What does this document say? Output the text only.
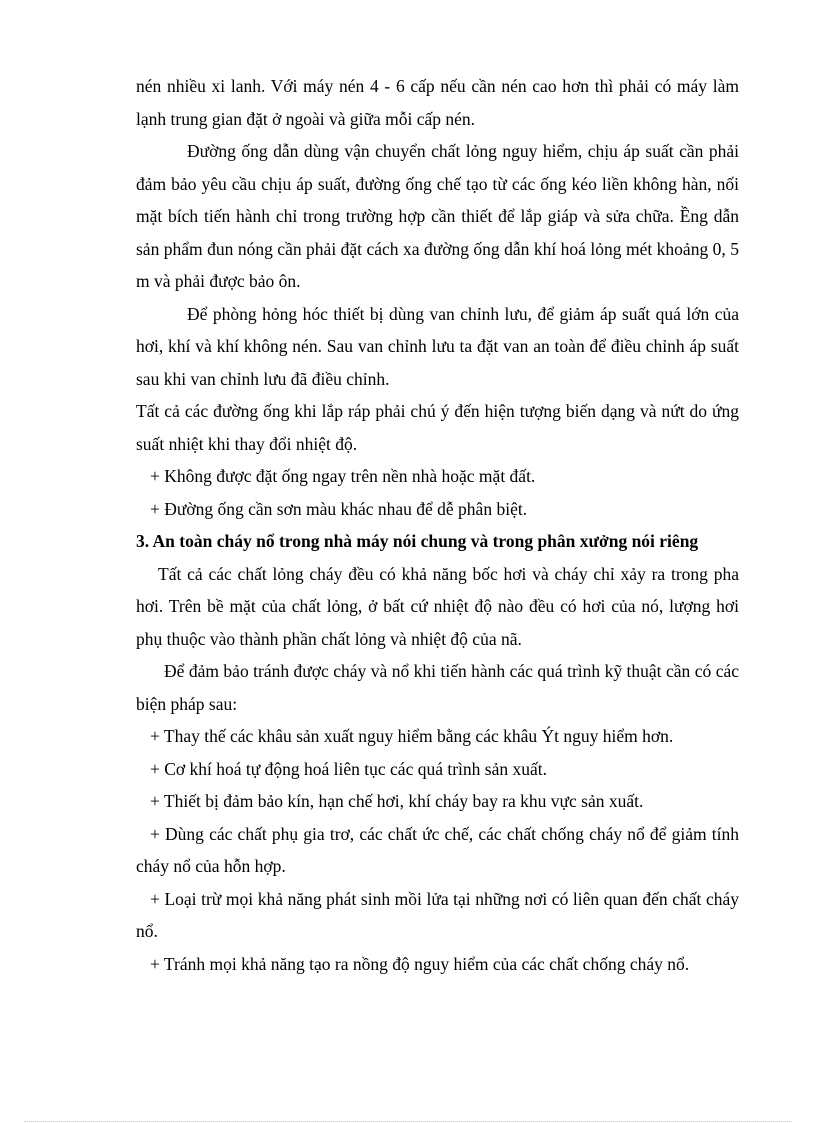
nén nhiều xi lanh. Với máy nén 4 - 6 cấp nếu cần nén cao hơn thì phải có máy làm lạnh trung gian đặt ở ngoài và giữa mỗi cấp nén.

Đường ống dẫn dùng vận chuyển chất lỏng nguy hiểm, chịu áp suất cần phải đảm bảo yêu cầu chịu áp suất, đường ống chế tạo từ các ống kéo liền không hàn, nối mặt bích tiến hành chỉ trong trường hợp cần thiết để lắp giáp và sửa chữa. Ềng dẫn sản phẩm đun nóng cần phải đặt cách xa đường ống dẫn khí hoá lỏng mét khoảng 0, 5 m và phải được bảo ôn.

Để phòng hỏng hóc thiết bị dùng van chỉnh lưu, để giảm áp suất quá lớn của hơi, khí và khí không nén. Sau van chỉnh lưu ta đặt van an toàn để điều chỉnh áp suất sau khi van chỉnh lưu đã điều chỉnh.

Tất cả các đường ống khi lắp ráp phải chú ý đến hiện tượng biến dạng và nứt do ứng suất nhiệt khi thay đổi nhiệt độ.

+ Không được đặt ống ngay trên nền nhà hoặc mặt đất.

+ Đường ống cần sơn màu khác nhau để dễ phân biệt.

3. An toàn cháy nổ trong nhà máy nói chung và trong phân xưởng nói riêng

Tất cả các chất lỏng cháy đều có khả năng bốc hơi và cháy chỉ xảy ra trong pha hơi. Trên bề mặt của chất lỏng, ở bất cứ nhiệt độ nào đều có hơi của nó, lượng hơi phụ thuộc vào thành phần chất lỏng và nhiệt độ của nã.

Để đảm bảo tránh được cháy và nổ khi tiến hành các quá trình kỹ thuật cần có các biện pháp sau:

+ Thay thế các khâu sản xuất nguy hiểm bằng các khâu Ýt nguy hiểm hơn.

+ Cơ khí hoá tự động hoá liên tục các quá trình sản xuất.

+ Thiết bị đảm bảo kín, hạn chế hơi, khí cháy bay ra khu vực sản xuất.

+ Dùng các chất phụ gia trơ, các chất ức chế, các chất chống cháy nổ để giảm tính cháy nổ của hỗn hợp.

+ Loại trừ mọi khả năng phát sinh mồi lửa tại những nơi có liên quan đến chất cháy nổ.

+ Tránh mọi khả năng tạo ra nồng độ nguy hiểm của các chất chống cháy nổ.
